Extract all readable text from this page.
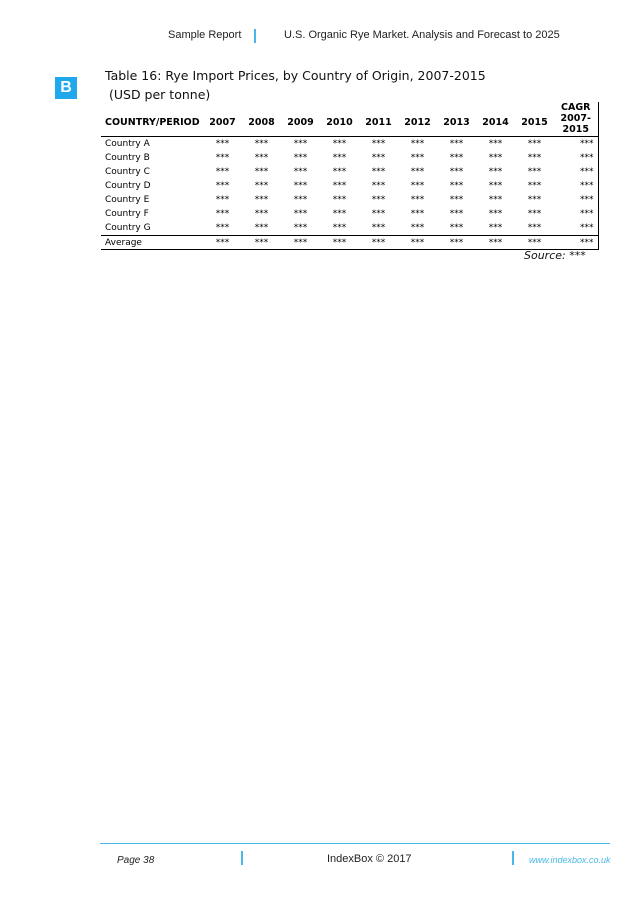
Sample Report	U.S. Organic Rye Market. Analysis and Forecast to 2025
B
Table 16: Rye Import Prices, by Country of Origin, 2007-2015
(USD per tonne)
COUNTRY/PERIOD	2007	2008	2009	2010	2011	2012	2013	2014	2015	CAGR
2007-
2015

Country A	***	***	***	***	***	***	***	***	***	***
Country B	***	***	***	***	***	***	***	***	***	***
Country C	***	***	***	***	***	***	***	***	***	***
Country D	***	***	***	***	***	***	***	***	***	***
Country E	***	***	***	***	***	***	***	***	***	***
Country F	***	***	***	***	***	***	***	***	***	***
Country G	***	***	***	***	***	***	***	***	***	***
Average	***	***	***	***	***	***	***	***	***	***
Source: ***
Page 38	IndexBox © 2017	www.indexbox.co.uk
